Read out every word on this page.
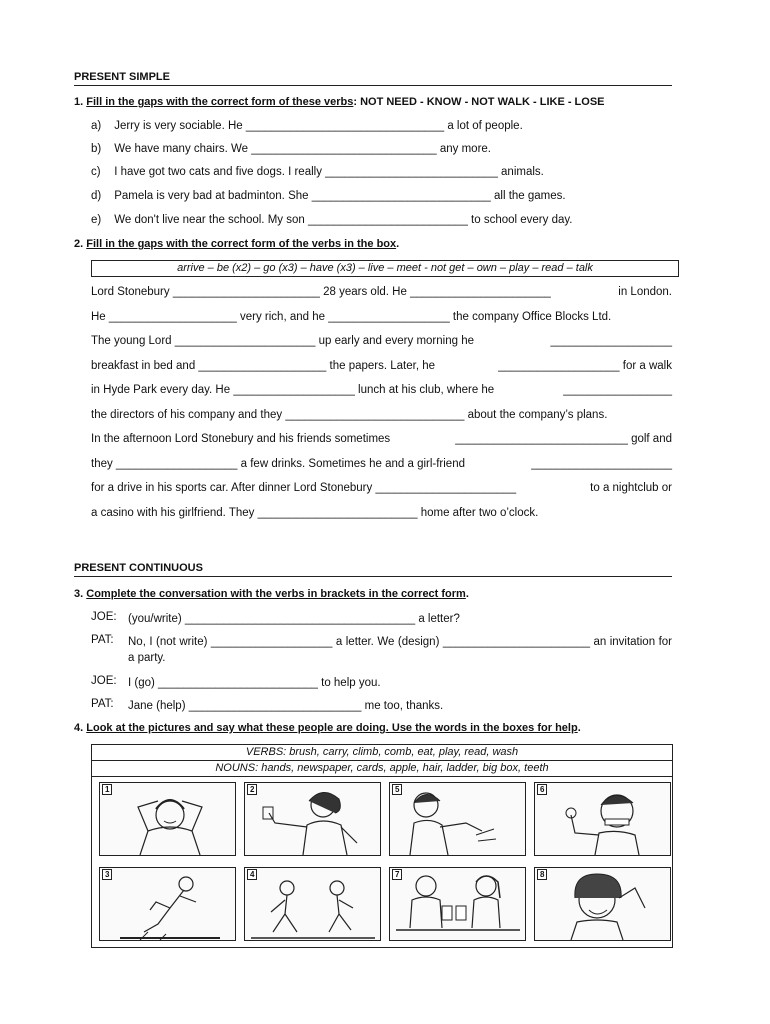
PRESENT SIMPLE
1. Fill in the gaps with the correct form of these verbs: NOT NEED - KNOW - NOT WALK - LIKE - LOSE
a) Jerry is very sociable. He _______________________________ a lot of people.
b) We have many chairs. We _____________________________ any more.
c) I have got two cats and five dogs. I really ___________________________ animals.
d) Pamela is very bad at badminton. She ____________________________ all the games.
e) We don't live near the school. My son _________________________ to school every day.
2. Fill in the gaps with the correct form of the verbs in the box.
arrive – be (x2) – go (x3) – have (x3) – live – meet - not get – own – play – read – talk
Lord Stonebury _______________________ 28 years old. He ______________________	in London.
He ____________________ very rich, and he ___________________ the company Office Blocks Ltd.
The young Lord ______________________ up early and every morning he	___________________
breakfast in bed and ____________________ the papers. Later, he	___________________ for a walk
in Hyde Park every day. He ___________________ lunch at his club, where he	_________________
the directors of his company and they ____________________________ about the company’s plans.
In the afternoon Lord Stonebury and his friends sometimes	___________________________ golf and
they ___________________ a few drinks. Sometimes he and a girl-friend	______________________
for a drive in his sports car. After dinner Lord Stonebury ______________________	to a nightclub or
a casino with his girlfriend. They _________________________ home after two o’clock.
PRESENT CONTINUOUS
3. Complete the conversation with the verbs in brackets in the correct form.
JOE: (you/write) ____________________________________ a letter?
PAT: No, I (not write) ___________________ a letter. We (design) _______________________ an invitation for a party.
JOE: I (go) _________________________ to help you.
PAT: Jane (help) ___________________________ me too, thanks.
4. Look at the pictures and say what these people are doing. Use the words in the boxes for help.
VERBS: brush, carry, climb, comb, eat, play, read, wash
NOUNS: hands, newspaper, cards, apple, hair, ladder, big box, teeth
1	2	5	6
3	4	7	8
